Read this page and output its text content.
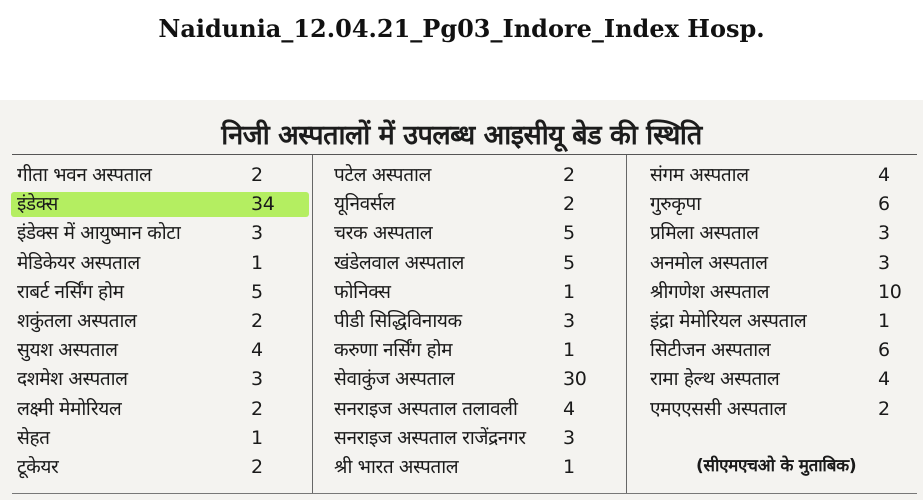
Naidunia_12.04.21_Pg03_Indore_Index Hosp.
निजी अस्पतालों में उपलब्ध आइसीयू बेड की स्थिति
गीता भवन अस्पताल	2
इंडेक्स	34
इंडेक्स में आयुष्मान कोटा	3
मेडिकेयर अस्पताल	1
राबर्ट नर्सिंग होम	5
शकुंतला अस्पताल	2
सुयश अस्पताल	4
दशमेश अस्पताल	3
लक्ष्मी मेमोरियल	2
सेहत	1
टूकेयर	2
पटेल अस्पताल	2
यूनिवर्सल	2
चरक अस्पताल	5
खंडेलवाल अस्पताल	5
फोनिक्स	1
पीडी सिद्धिविनायक	3
करुणा नर्सिंग होम	1
सेवाकुंज अस्पताल	30
सनराइज अस्पताल तलावली 4
सनराइज अस्पताल राजेंद्रनगर 3
श्री भारत अस्पताल	1
संगम अस्पताल	4
गुरुकृपा	6
प्रमिला अस्पताल	3
अनमोल अस्पताल	3
श्रीगणेश अस्पताल	10
इंद्रा मेमोरियल अस्पताल	1
सिटीजन अस्पताल	6
रामा हेल्थ अस्पताल	4
एमएएससी अस्पताल	2
(सीएमएचओ के मुताबिक)
